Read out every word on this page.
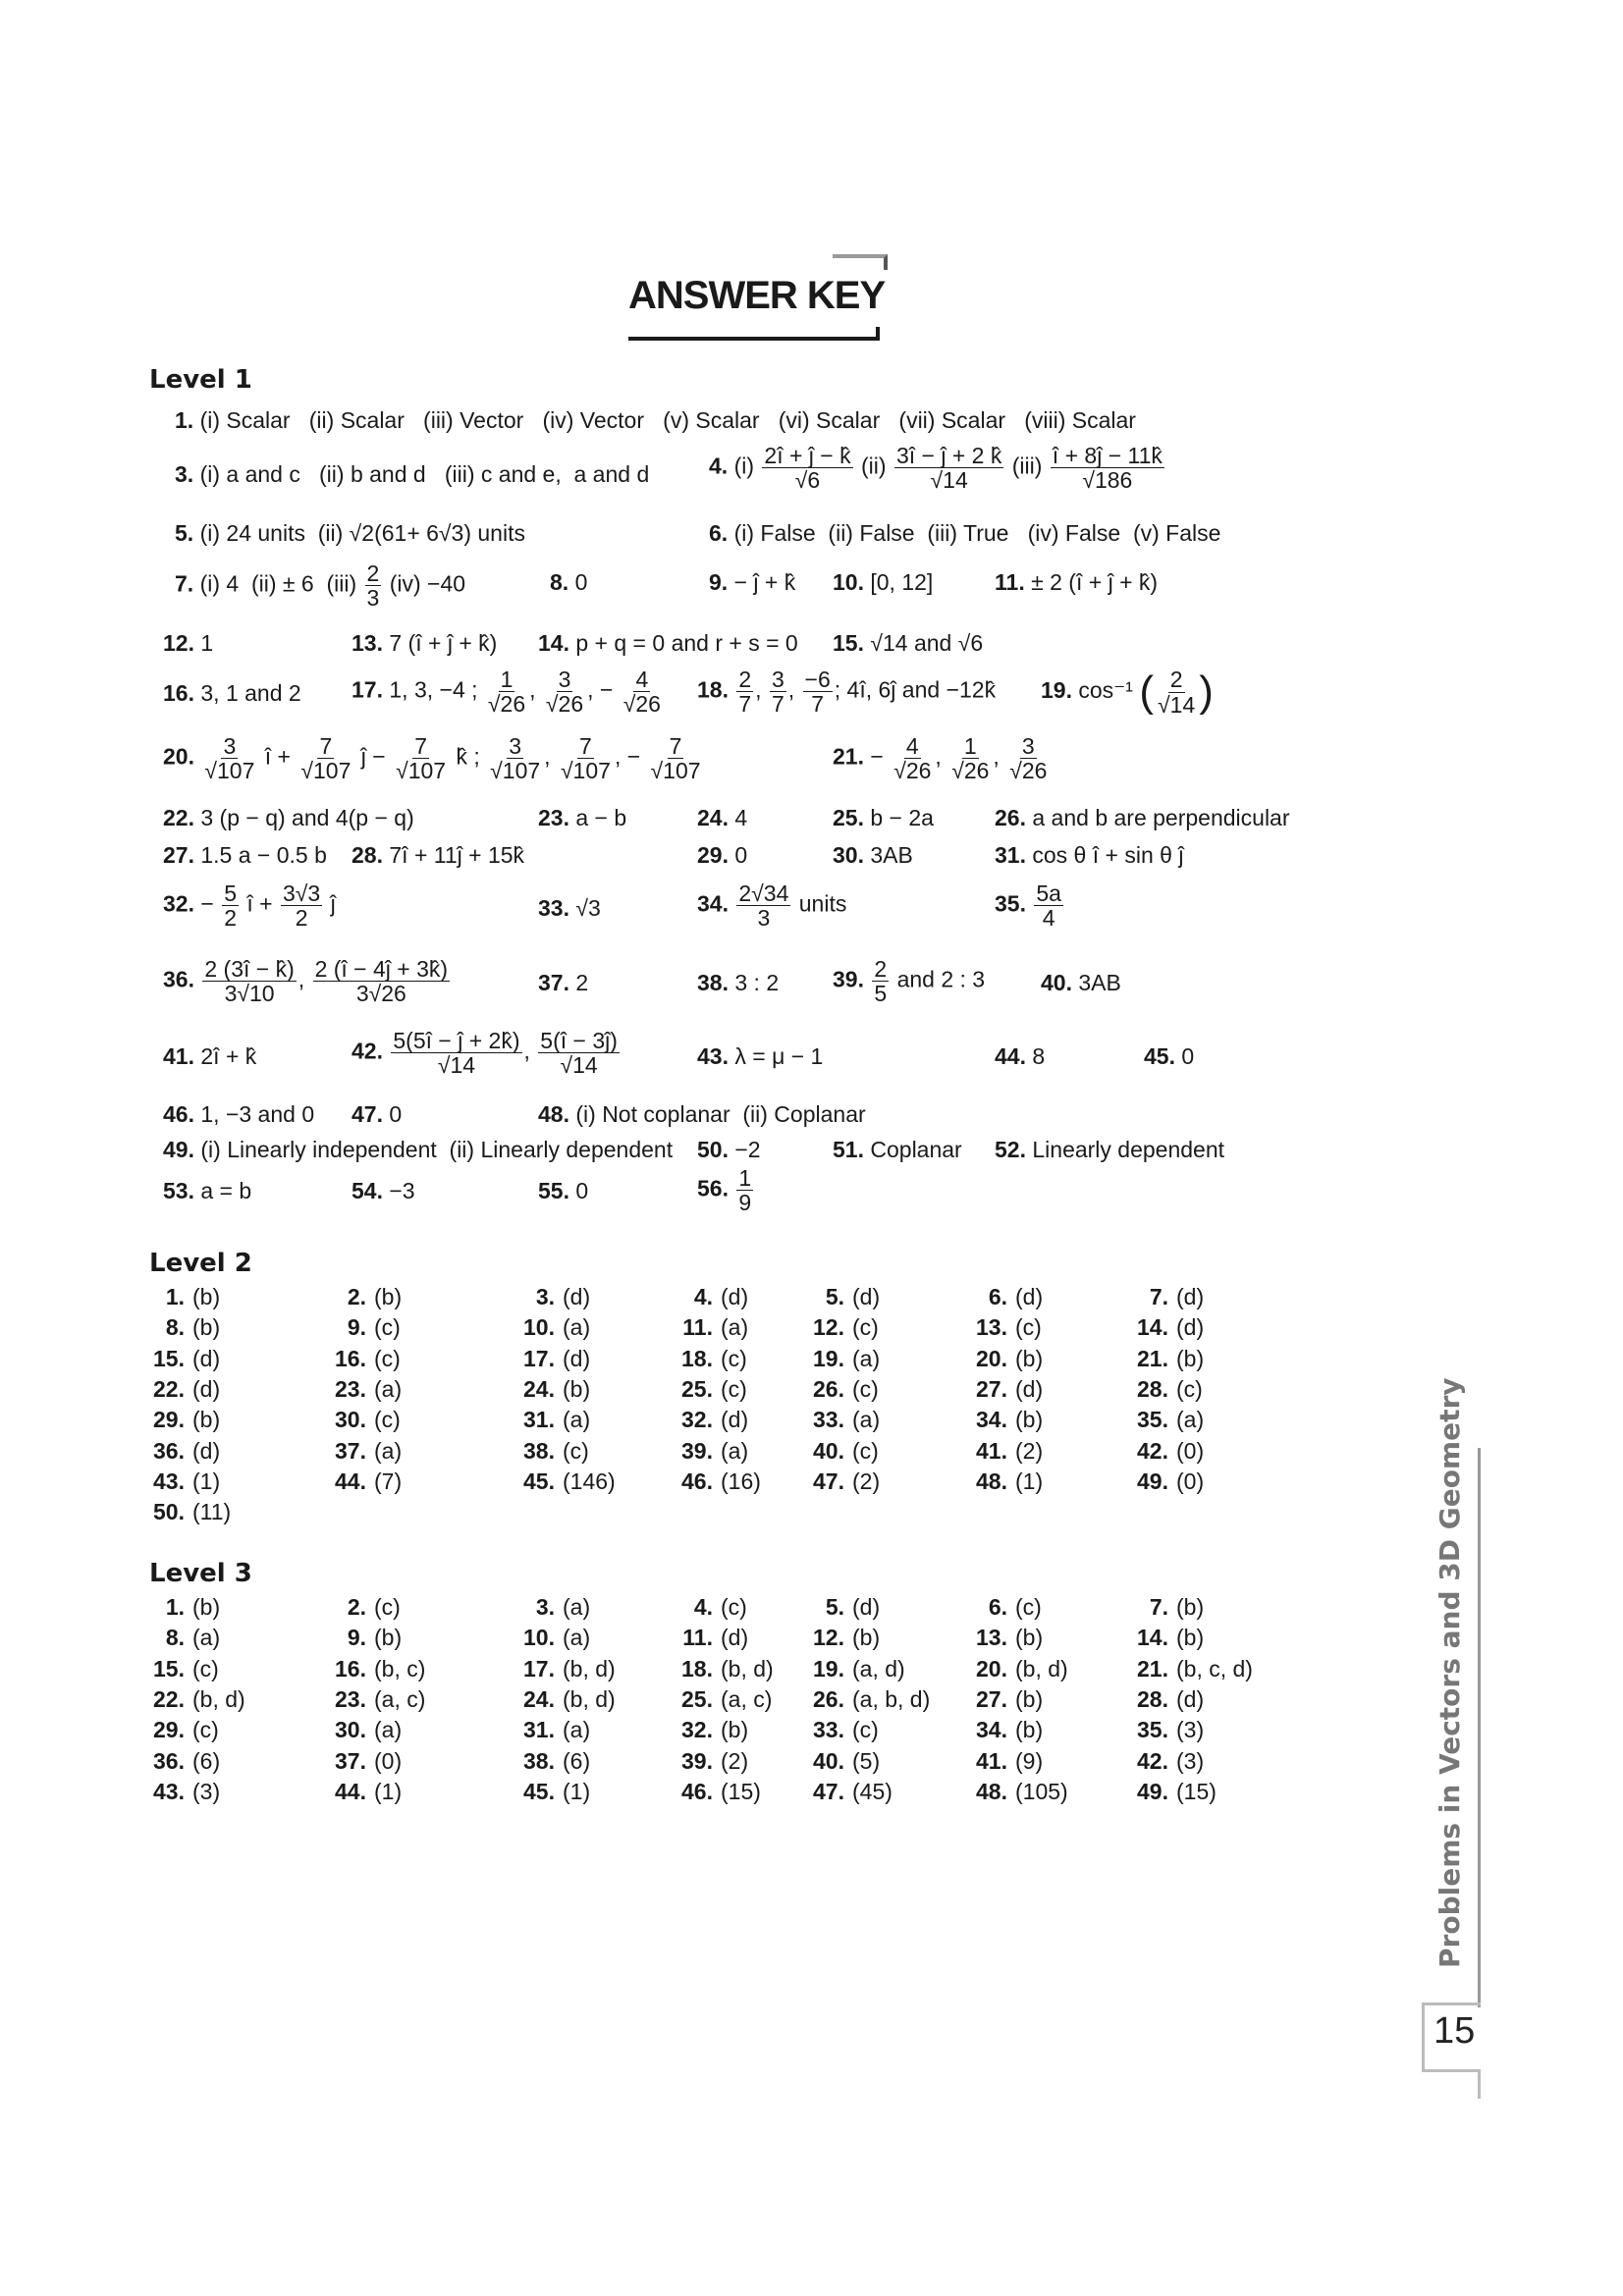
ANSWER KEY
Level 1
1. (i) Scalar   (ii) Scalar   (iii) Vector   (iv) Vector   (v) Scalar   (vi) Scalar   (vii) Scalar   (viii) Scalar
3. (i) a and c   (ii) b and d   (iii) c and e,  a and d	4. $(i) \frac{2î + ĵ - k̂}{√6} (ii) \frac{3î - ĵ + 2 k̂}{√14} (iii) \frac{î + 8ĵ - 11k̂}{√186}$
5. (i) 24 units  (ii) √2(61+ 6√3) units	6. (i) False  (ii) False  (iii) True   (iv) False  (v) False
7. (i) 4  (ii) ± 6  $(iii) \frac{2}{3} (iv) -40$	8. 0	9. − ĵ + k̂ 10. [0, 12]	11. ± 2 (î + ĵ + k̂)
12. 1	13. 7 (î + ĵ + k̂) 14. p + q = 0 and r + s = 0 15. √14 and √6
16. 3, 1 and 2 17. 1, 3, −4 ; $\frac{1}{√26}$ , $\frac{3}{√26}$ , − $\frac{4}{√26} 18$. $\frac{2}{7}$ , $\frac{3}{7}$ , $\frac{-6}{7}$ ; 4î, 6ĵ and −12k̂ 19. cos⁻¹ ( $\frac{2}{√14}$ )
20. $\frac{3}{√107}$ î + $\frac{7}{√107}$ ĵ − $\frac{7}{√107}$ k̂ ; $\frac{3}{√107}$ , $\frac{7}{√107}$ , − $\frac{7}{√107}$	21. − $\frac{4}{√26}$ , $\frac{1}{√26}$ , $\frac{3}{√26}$
22. 3 (p − q) and 4(p − q)	23. a − b	24. 4	25. b − 2a	26. a and b are perpendicular
27. 1.5 a − 0.5 b 28. 7î + 11ĵ + 15k̂	29. 0	30. 3AB	31. cos θ î + sin θ ĵ
32. − $\frac{5}{2}$ î + $\frac{3√3}{2}$ ĵ	33. √3	34. $\frac{2√34}{3}$ units	35. $\frac{5a}{4}$
36. $\frac{2 (3î - k̂)}{3√10}$ , $\frac{2 (î - 4ĵ + 3k̂)}{3√26}$	37. 2	38. 3 : 2 39. $\frac{2}{5}$ and 2 : 3 40. 3AB
41. 2î + k̂	42. $\frac{5(5î - ĵ + 2k̂)}{√14}$ , $\frac{5(î - 3ĵ)}{√14}$	43. λ = μ − 1	44. 8	45. 0
46. 1, −3 and 0 47. 0	48. (i) Not coplanar  (ii) Coplanar
49. (i) Linearly independent  (ii) Linearly dependent 50. −2	51. Coplanar 52. Linearly dependent
53. a = b	54. −3	55. 0	56. $\frac{1}{9}$
Level 2
1. (b)	2. (b)	3. (d)	4. (d)	5. (d)	6. (d)	7. (d)
8. (b)	9. (c)	10. (a)	11. (a)	12. (c)	13. (c)	14. (d)
15. (d)	16. (c)	17. (d)	18. (c)	19. (a)	20. (b)	21. (b)
22. (d)	23. (a)	24. (b)	25. (c)	26. (c)	27. (d)	28. (c)
29. (b)	30. (c)	31. (a)	32. (d)	33. (a)	34. (b)	35. (a)
36. (d)	37. (a)	38. (c)	39. (a)	40. (c)	41. (2)	42. (0)
43. (1)	44. (7)	45. (146)	46. (16) 47. (2)	48. (1)	49. (0)
50. (11)
Level 3
1. (b)	2. (c)	3. (a)	4. (c)	5. (d)	6. (c)	7. (b)
8. (a)	9. (b)	10. (a)	11. (d)	12. (b)	13. (b)	14. (b)
15. (c)	16. (b, c)	17. (b, d)	18. (b, d) 19. (a, d)	20. (b, d)	21. (b, c, d)
22. (b, d)	23. (a, c)	24. (b, d)	25. (a, c) 26. (a, b, d) 27. (b)	28. (d)
29. (c)	30. (a)	31. (a)	32. (b)	33. (c)	34. (b)	35. (3)
36. (6)	37. (0)	38. (6)	39. (2)	40. (5)	41. (9)	42. (3)
43. (3)	44. (1)	45. (1)	46. (15) 47. (45)	48. (105)	49. (15)	Problems in Vectors and 3D Geometry
15
